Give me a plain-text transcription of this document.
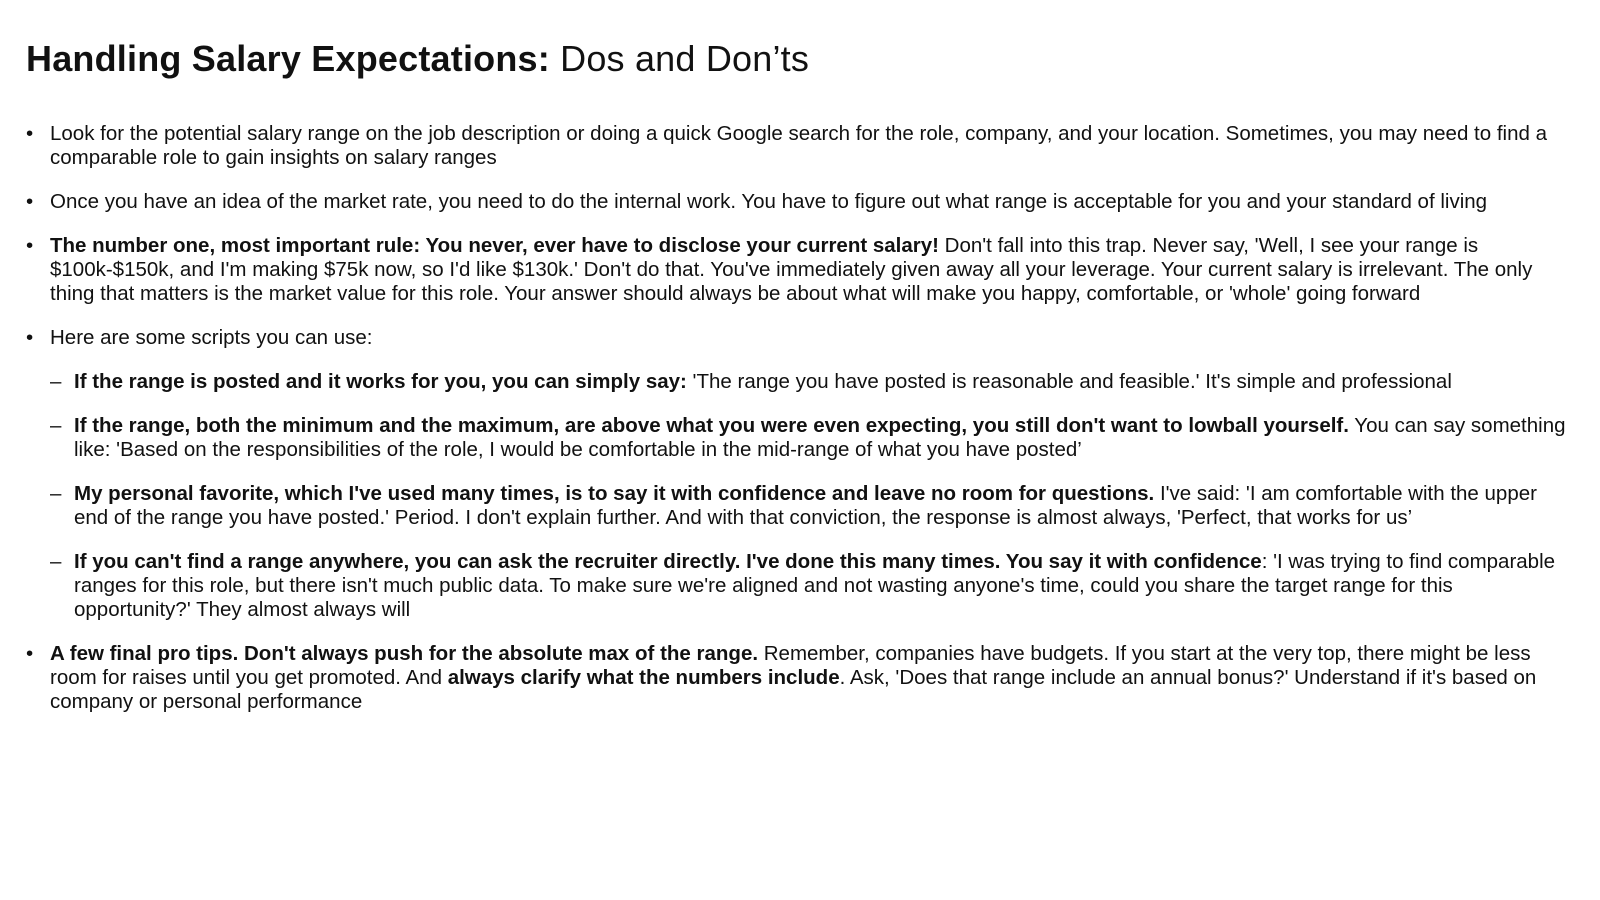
Handling Salary Expectations: Dos and Don’ts
• Look for the potential salary range on the job description or doing a quick Google search for the role, company, and your location. Sometimes, you may need to find a comparable role to gain insights on salary ranges
• Once you have an idea of the market rate, you need to do the internal work. You have to figure out what range is acceptable for you and your standard of living
• The number one, most important rule: You never, ever have to disclose your current salary! Don't fall into this trap. Never say, 'Well, I see your range is $100k-$150k, and I'm making $75k now, so I'd like $130k.' Don't do that. You've immediately given away all your leverage. Your current salary is irrelevant. The only thing that matters is the market value for this role. Your answer should always be about what will make you happy, comfortable, or 'whole' going forward
• Here are some scripts you can use:
– If the range is posted and it works for you, you can simply say: 'The range you have posted is reasonable and feasible.' It's simple and professional
– If the range, both the minimum and the maximum, are above what you were even expecting, you still don't want to lowball yourself. You can say something like: 'Based on the responsibilities of the role, I would be comfortable in the mid-range of what you have posted’
– My personal favorite, which I've used many times, is to say it with confidence and leave no room for questions. I've said: 'I am comfortable with the upper end of the range you have posted.' Period. I don't explain further. And with that conviction, the response is almost always, 'Perfect, that works for us’
– If you can't find a range anywhere, you can ask the recruiter directly. I've done this many times. You say it with confidence: 'I was trying to find comparable ranges for this role, but there isn't much public data. To make sure we're aligned and not wasting anyone's time, could you share the target range for this opportunity?' They almost always will
• A few final pro tips. Don't always push for the absolute max of the range. Remember, companies have budgets. If you start at the very top, there might be less room for raises until you get promoted. And always clarify what the numbers include. Ask, 'Does that range include an annual bonus?' Understand if it's based on company or personal performance
